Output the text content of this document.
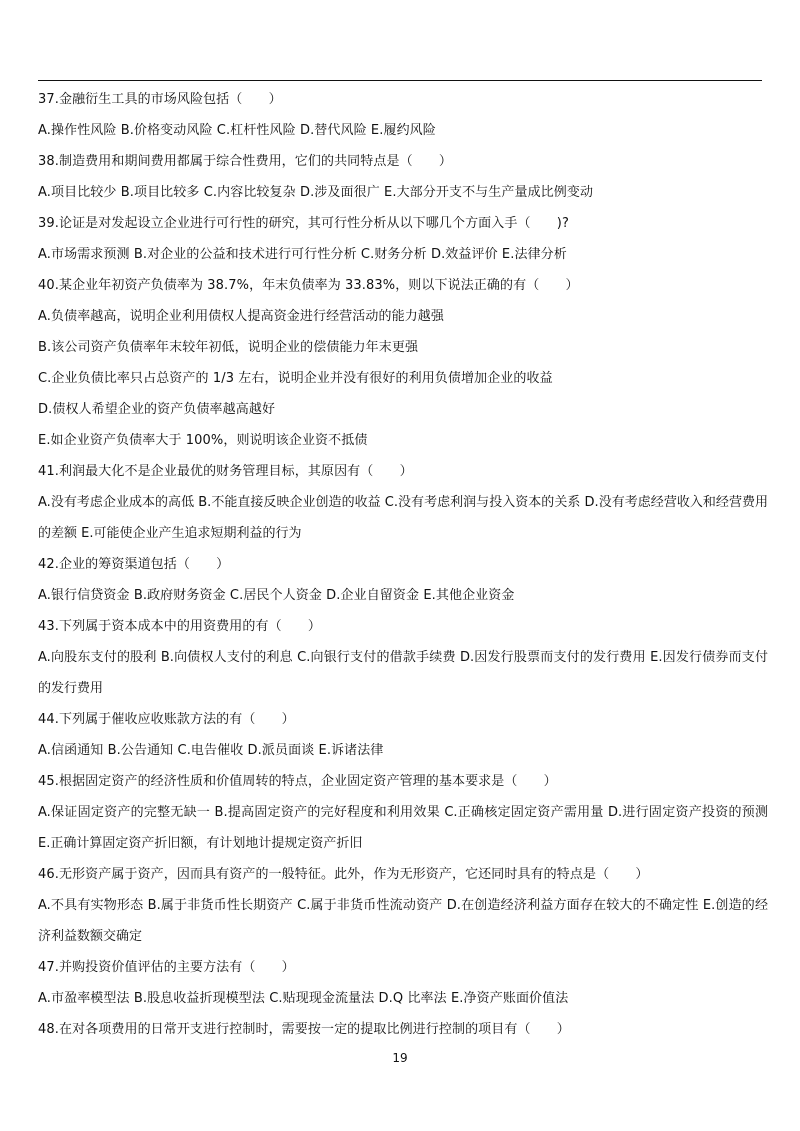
37.金融衍生工具的市场风险包括（　　）
A.操作性风险 B.价格变动风险 C.杠杆性风险 D.替代风险 E.履约风险
38.制造费用和期间费用都属于综合性费用，它们的共同特点是（　　）
A.项目比较少 B.项目比较多 C.内容比较复杂 D.涉及面很广 E.大部分开支不与生产量成比例变动
39.论证是对发起设立企业进行可行性的研究，其可行性分析从以下哪几个方面入手（　　)?
A.市场需求预测 B.对企业的公益和技术进行可行性分析 C.财务分析 D.效益评价 E.法律分析
40.某企业年初资产负债率为 38.7%，年末负债率为 33.83%，则以下说法正确的有（　　）
A.负债率越高，说明企业利用债权人提高资金进行经营活动的能力越强
B.该公司资产负债率年末较年初低，说明企业的偿债能力年末更强
C.企业负债比率只占总资产的 1/3 左右，说明企业并没有很好的利用负债增加企业的收益
D.债权人希望企业的资产负债率越高越好
E.如企业资产负债率大于 100%，则说明该企业资不抵债
41.利润最大化不是企业最优的财务管理目标，其原因有（　　）
A.没有考虑企业成本的高低 B.不能直接反映企业创造的收益 C.没有考虑利润与投入资本的关系 D.没有考虑经营收入和经营费用的差额 E.可能使企业产生追求短期利益的行为
42.企业的筹资渠道包括（　　）
A.银行信贷资金 B.政府财务资金 C.居民个人资金 D.企业自留资金 E.其他企业资金
43.下列属于资本成本中的用资费用的有（　　）
A.向股东支付的股利 B.向债权人支付的利息 C.向银行支付的借款手续费 D.因发行股票而支付的发行费用 E.因发行债券而支付的发行费用
44.下列属于催收应收账款方法的有（　　）
A.信函通知 B.公告通知 C.电告催收 D.派员面谈 E.诉诸法律
45.根据固定资产的经济性质和价值周转的特点，企业固定资产管理的基本要求是（　　）
A.保证固定资产的完整无缺一 B.提高固定资产的完好程度和利用效果 C.正确核定固定资产需用量 D.进行固定资产投资的预测 E.正确计算固定资产折旧额，有计划地计提规定资产折旧
46.无形资产属于资产，因而具有资产的一般特征。此外，作为无形资产，它还同时具有的特点是（　　）
A.不具有实物形态 B.属于非货币性长期资产 C.属于非货币性流动资产 D.在创造经济利益方面存在较大的不确定性 E.创造的经济利益数额交确定
47.并购投资价值评估的主要方法有（　　）
A.市盈率模型法 B.股息收益折现模型法 C.贴现现金流量法 D.Q 比率法 E.净资产账面价值法
48.在对各项费用的日常开支进行控制时，需要按一定的提取比例进行控制的项目有（　　）
19
